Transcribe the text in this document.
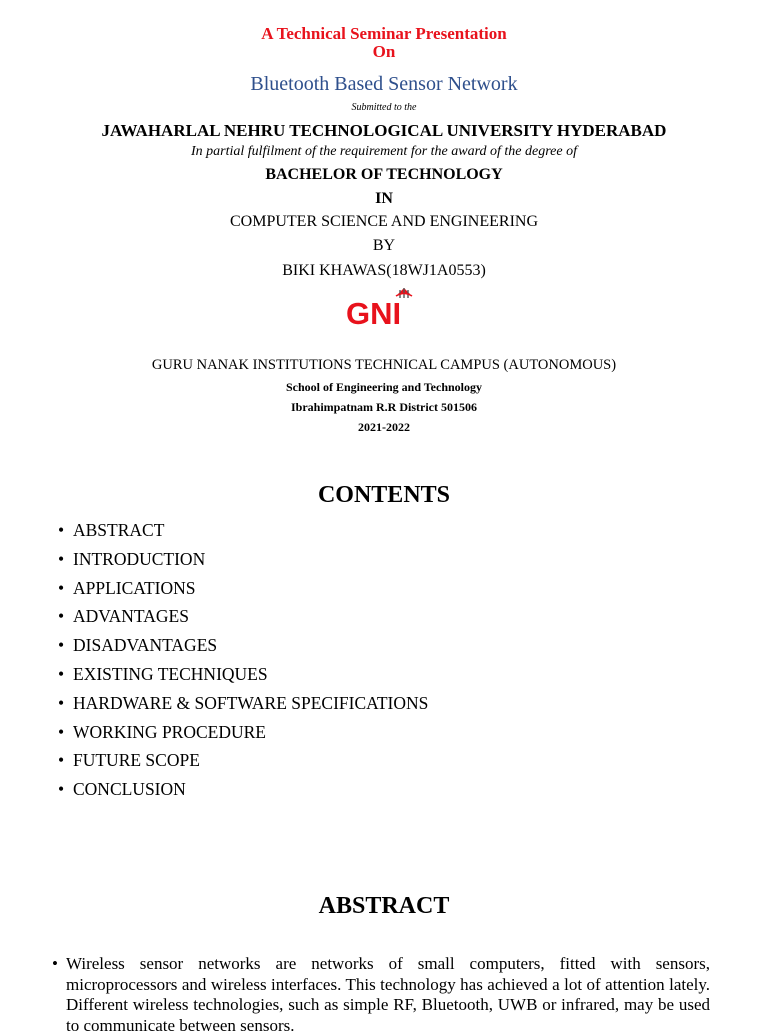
A Technical Seminar Presentation
On
Bluetooth Based Sensor Network
Submitted to the
JAWAHARLAL NEHRU TECHNOLOGICAL UNIVERSITY HYDERABAD
In partial fulfilment of the requirement for the award of the degree of
BACHELOR OF TECHNOLOGY
IN
COMPUTER SCIENCE AND ENGINEERING
BY
BIKI KHAWAS(18WJ1A0553)
GNI
GURU NANAK INSTITUTIONS TECHNICAL CAMPUS (AUTONOMOUS)
School of Engineering and Technology
Ibrahimpatnam R.R District 501506
2021-2022
CONTENTS
• ABSTRACT
• INTRODUCTION
• APPLICATIONS
• ADVANTAGES
• DISADVANTAGES
• EXISTING TECHNIQUES
• HARDWARE & SOFTWARE SPECIFICATIONS
• WORKING PROCEDURE
• FUTURE SCOPE
• CONCLUSION
ABSTRACT
• Wireless sensor networks are networks of small computers, fitted with sensors, microprocessors and wireless interfaces. This technology has achieved a lot of attention lately. Different wireless technologies, such as simple RF, Bluetooth, UWB or infrared, may be used to communicate between sensors.
